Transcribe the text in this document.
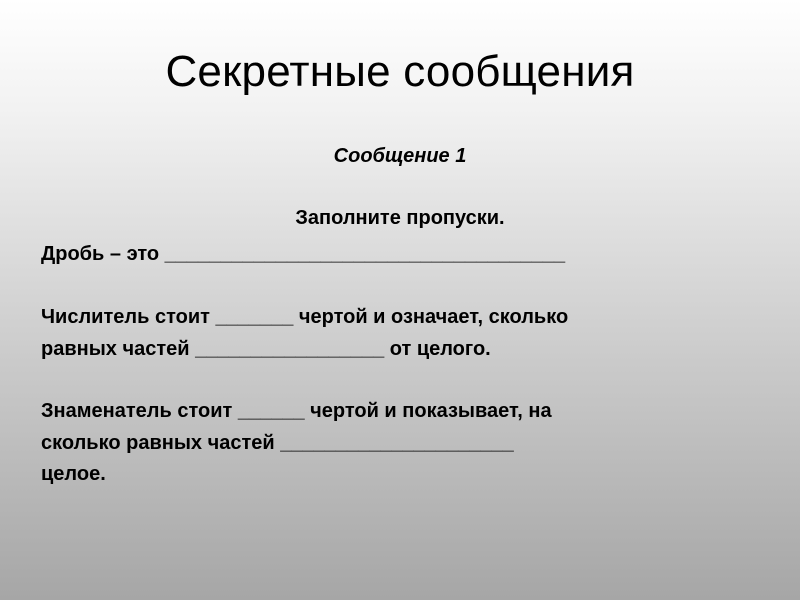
Секретные сообщения
Сообщение 1
Заполните пропуски.
Дробь – это ____________________________________
Числитель стоит _______ чертой и означает, сколько
равных частей _________________ от целого.
Знаменатель стоит ______ чертой и показывает, на
сколько равных частей _____________________
целое.
